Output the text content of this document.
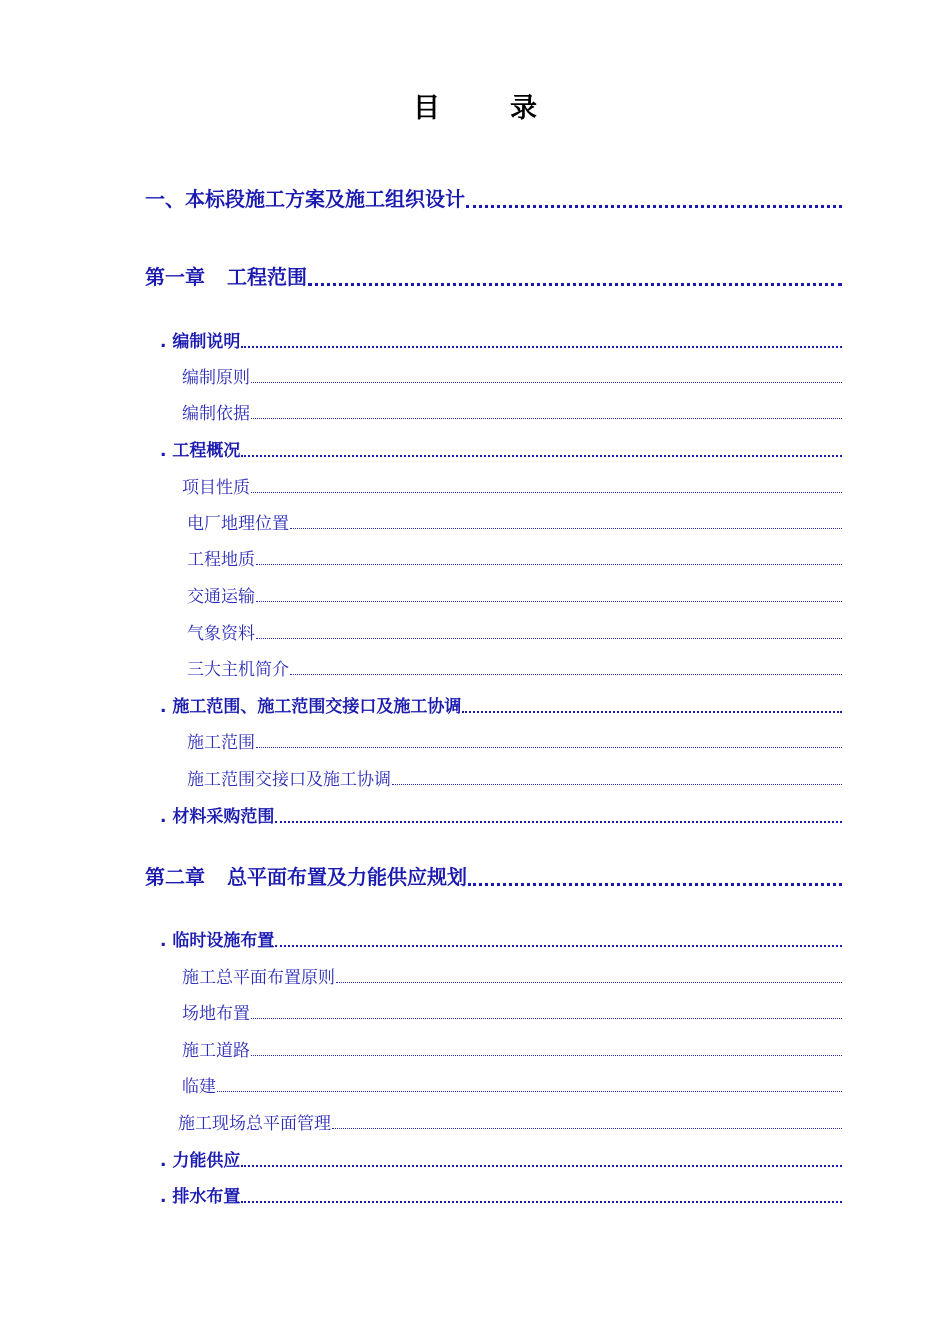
目	录
一、本标段施工方案及施工组织设计
第一章 工程范围
. 编制说明
编制原则
编制依据
. 工程概况
项目性质
电厂地理位置
工程地质
交通运输
气象资料
三大主机简介
. 施工范围、施工范围交接口及施工协调
施工范围
施工范围交接口及施工协调
. 材料采购范围
第二章 总平面布置及力能供应规划
. 临时设施布置
施工总平面布置原则
场地布置
施工道路
临建
施工现场总平面管理
. 力能供应
. 排水布置
